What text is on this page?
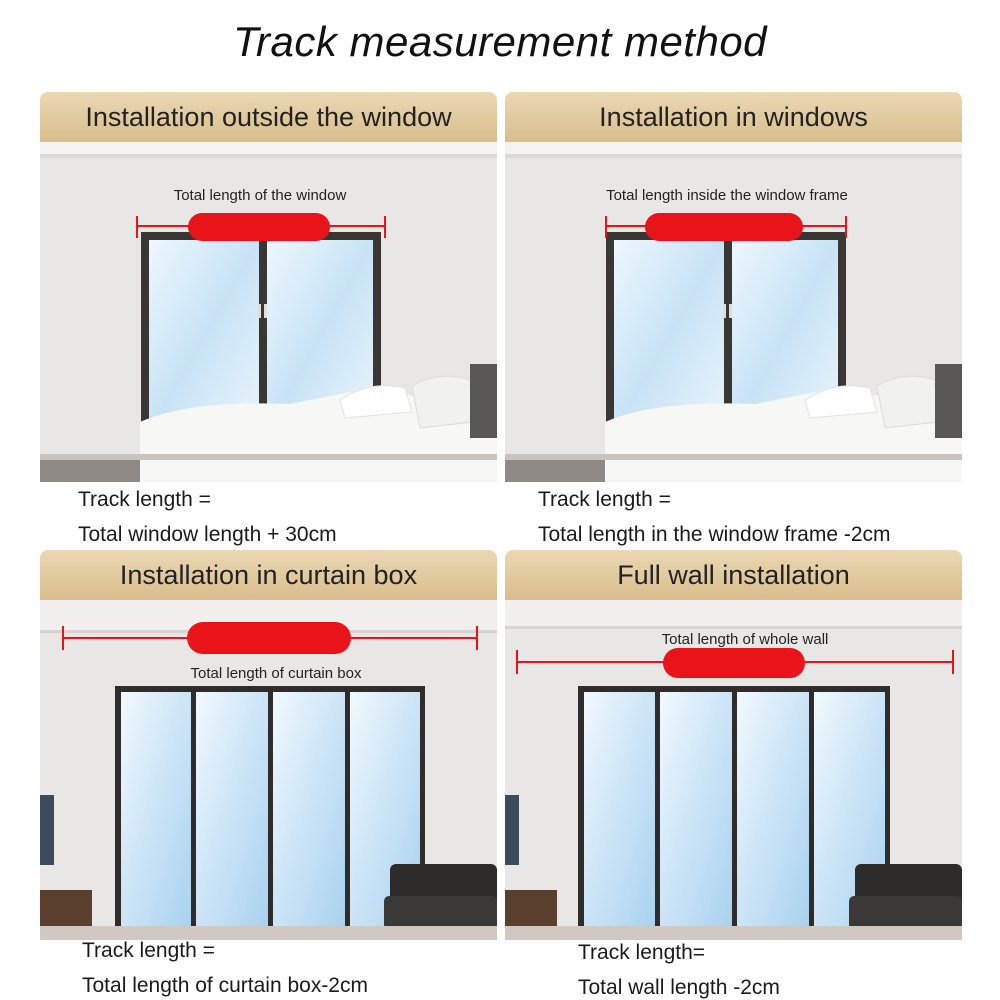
Track measurement method
Installation outside the window
Total length of the window
Installation in windows
Total length inside the window frame
Installation in curtain box
Total length of curtain box
Full wall installation
Total length of whole wall
Track length =
Total window length + 30cm
Track length =
Total length in the window frame -2cm
Track length =
Total length of curtain box-2cm
Track length=
Total wall length -2cm
